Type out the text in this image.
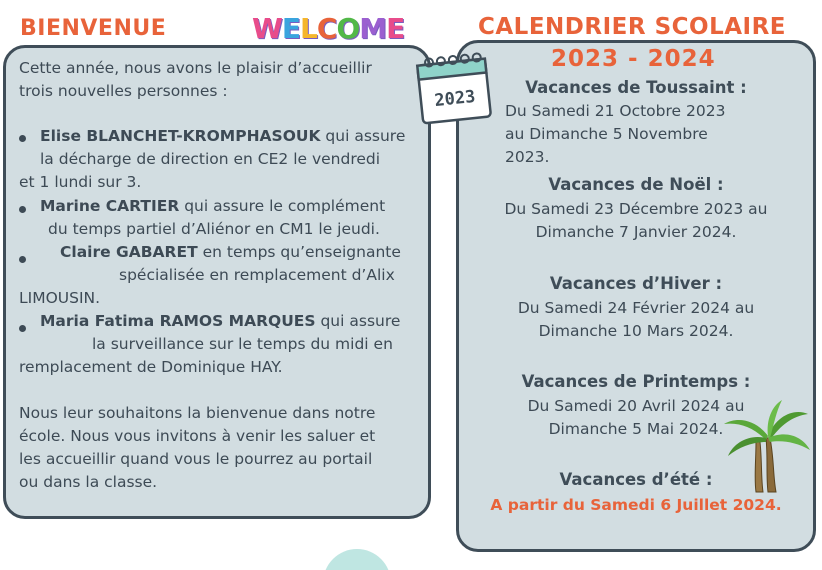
BIENVENUE	WELCOME	CALENDRIER SCOLAIRE
Cette année, nous avons le plaisir d’accueillir
trois nouvelles personnes :
Elise BLANCHET-KROMPHASOUK qui assure
la décharge de direction en CE2 le vendredi
et 1 lundi sur 3.
Marine CARTIER qui assure le complément
du temps partiel d’Aliénor en CM1 le jeudi.
Claire GABARET en temps qu’enseignante
spécialisée en remplacement d’Alix
LIMOUSIN.
Maria Fatima RAMOS MARQUES qui assure
la surveillance sur le temps du midi en
remplacement de Dominique HAY.
Nous leur souhaitons la bienvenue dans notre
école. Nous vous invitons à venir les saluer et
les accueillir quand vous le pourrez au portail
ou dans la classe.
2023
2023 - 2024
Vacances de Toussaint :
Du Samedi 21 Octobre 2023
au Dimanche 5 Novembre
2023.
Vacances de Noël :
Du Samedi 23 Décembre 2023 au
Dimanche 7 Janvier 2024.
Vacances d’Hiver :
Du Samedi 24 Février 2024 au
Dimanche 10 Mars 2024.
Vacances de Printemps :
Du Samedi 20 Avril 2024 au
Dimanche 5 Mai 2024.
Vacances d’été :
A partir du Samedi 6 Juillet 2024.
